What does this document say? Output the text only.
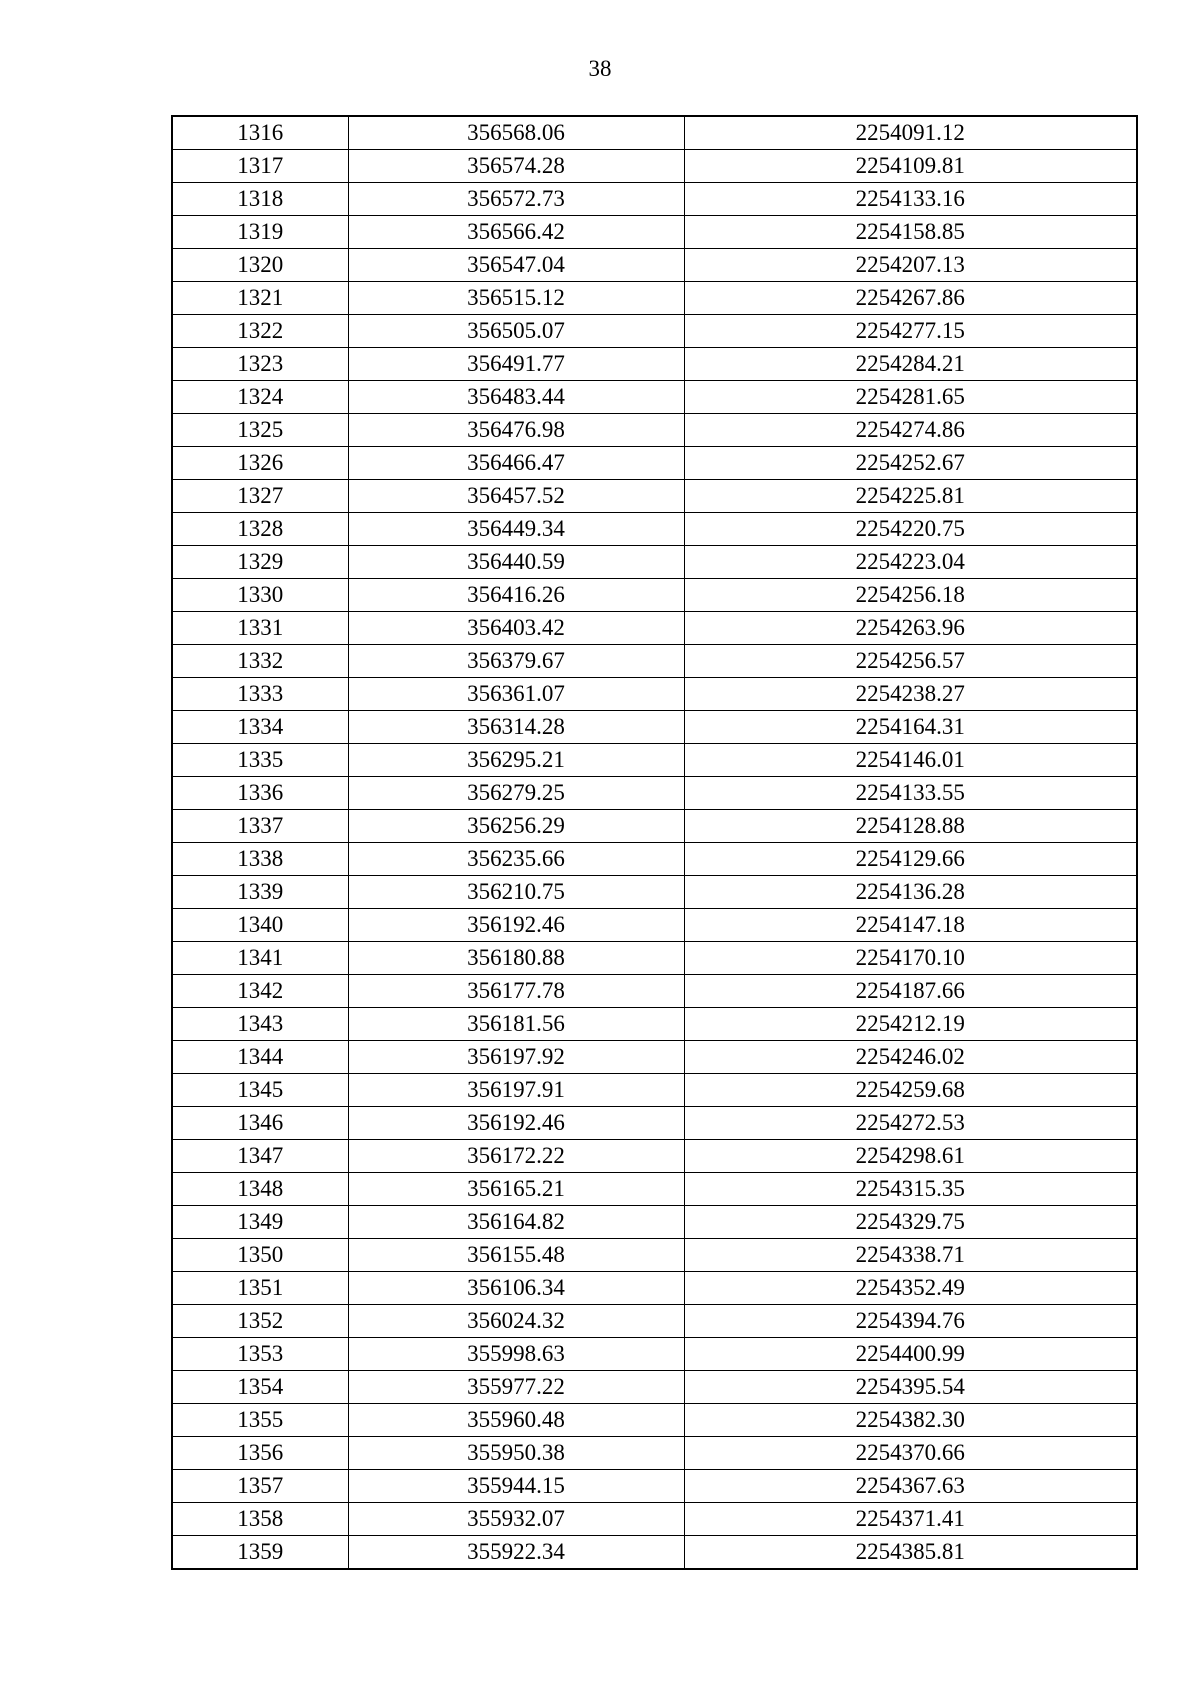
38
1316	356568.06	2254091.12
1317	356574.28	2254109.81
1318	356572.73	2254133.16
1319	356566.42	2254158.85
1320	356547.04	2254207.13
1321	356515.12	2254267.86
1322	356505.07	2254277.15
1323	356491.77	2254284.21
1324	356483.44	2254281.65
1325	356476.98	2254274.86
1326	356466.47	2254252.67
1327	356457.52	2254225.81
1328	356449.34	2254220.75
1329	356440.59	2254223.04
1330	356416.26	2254256.18
1331	356403.42	2254263.96
1332	356379.67	2254256.57
1333	356361.07	2254238.27
1334	356314.28	2254164.31
1335	356295.21	2254146.01
1336	356279.25	2254133.55
1337	356256.29	2254128.88
1338	356235.66	2254129.66
1339	356210.75	2254136.28
1340	356192.46	2254147.18
1341	356180.88	2254170.10
1342	356177.78	2254187.66
1343	356181.56	2254212.19
1344	356197.92	2254246.02
1345	356197.91	2254259.68
1346	356192.46	2254272.53
1347	356172.22	2254298.61
1348	356165.21	2254315.35
1349	356164.82	2254329.75
1350	356155.48	2254338.71
1351	356106.34	2254352.49
1352	356024.32	2254394.76
1353	355998.63	2254400.99
1354	355977.22	2254395.54
1355	355960.48	2254382.30
1356	355950.38	2254370.66
1357	355944.15	2254367.63
1358	355932.07	2254371.41
1359	355922.34	2254385.81
